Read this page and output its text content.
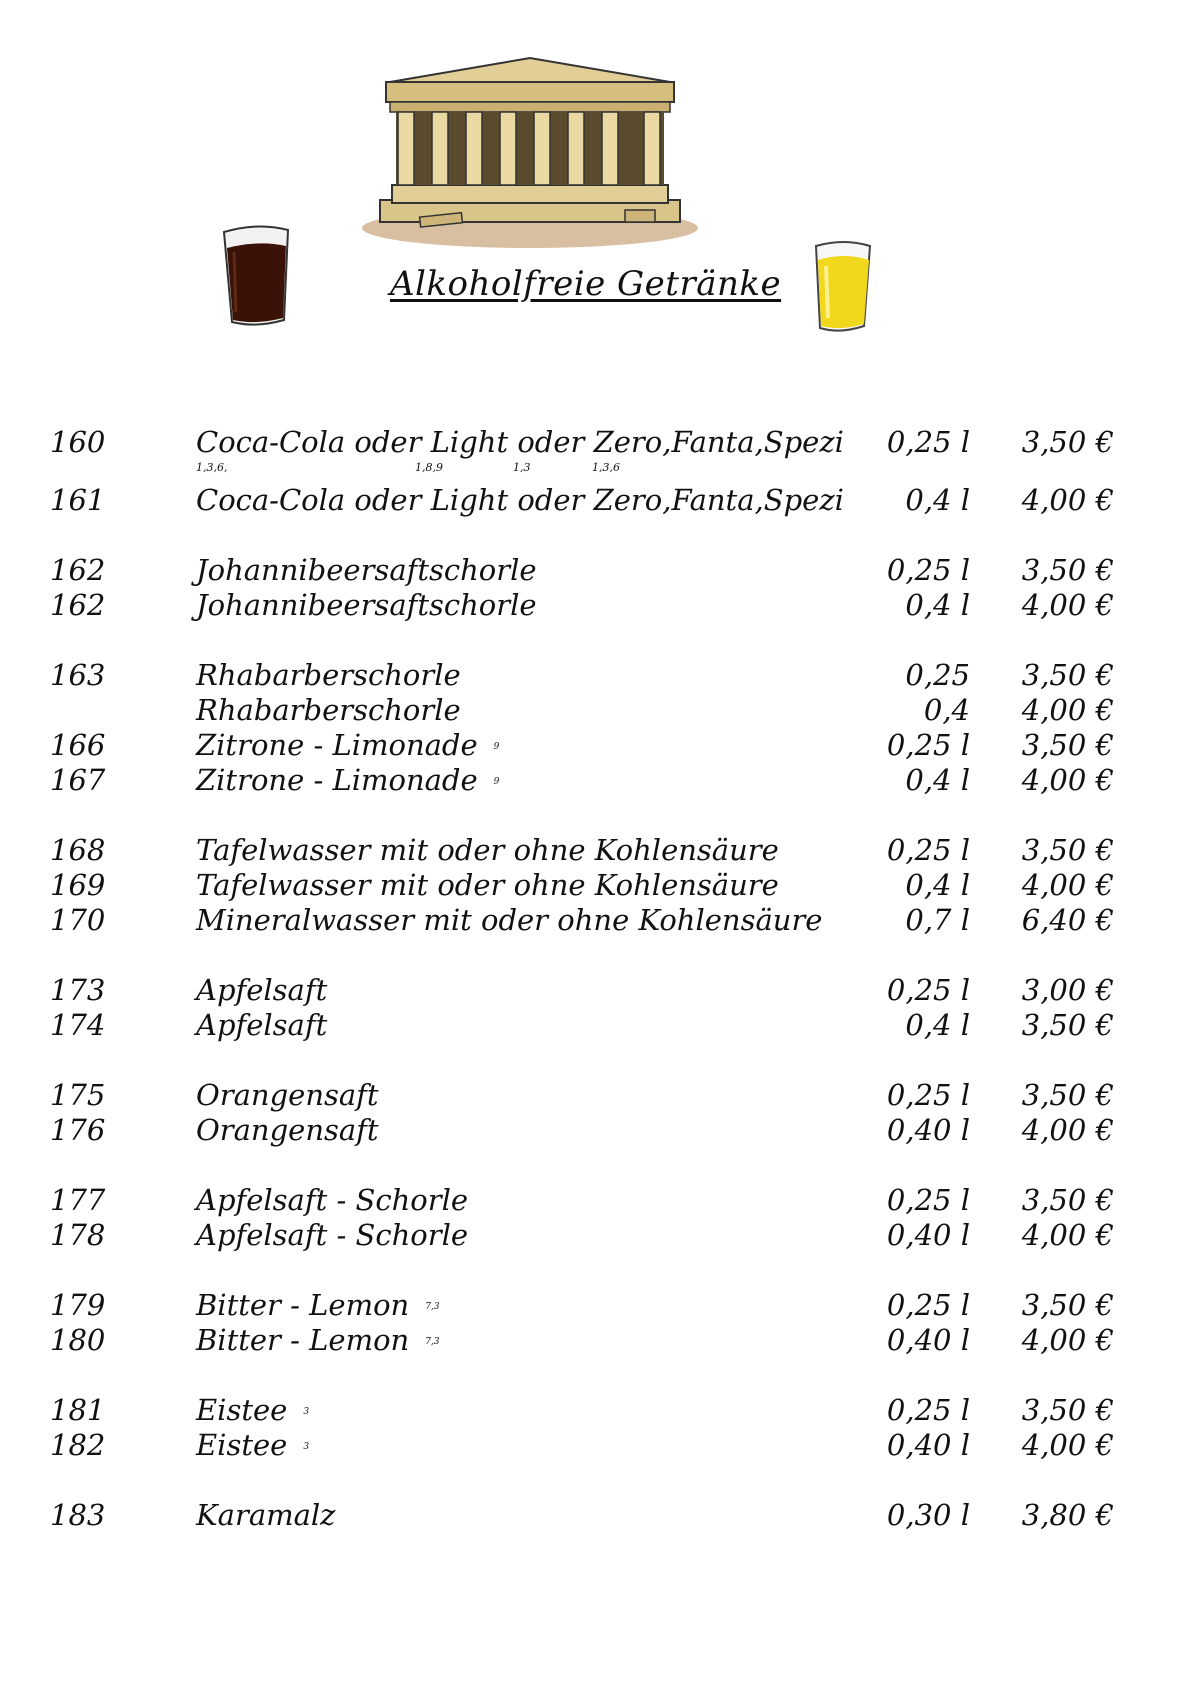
Alkoholfreie Getränke
160	Coca-Cola oder Light oder Zero,Fanta,Spezi 0,25 l 3,50 €
1,3,6,	1,8,9	1,3	1,3,6
161	Coca-Cola oder Light oder Zero,Fanta,Spezi 0,4 l 4,00 €
162	Johannibeersaftschorle	0,25 l 3,50 €
162	Johannibeersaftschorle	0,4 l 4,00 €
163	Rhabarberschorle	0,25 3,50 €
Rhabarberschorle	0,4 4,00 €
166	Zitrone - Limonade 9	0,25 l 3,50 €
167	Zitrone - Limonade 9	0,4 l 4,00 €
168	Tafelwasser mit oder ohne Kohlensäure	0,25 l 3,50 €
169	Tafelwasser mit oder ohne Kohlensäure	0,4 l 4,00 €
170	Mineralwasser mit oder ohne Kohlensäure	0,7 l 6,40 €
173	Apfelsaft	0,25 l 3,00 €
174	Apfelsaft	0,4 l 3,50 €
175	Orangensaft	0,25 l 3,50 €
176	Orangensaft	0,40 l 4,00 €
177	Apfelsaft - Schorle	0,25 l 3,50 €
178	Apfelsaft - Schorle	0,40 l 4,00 €
179	Bitter - Lemon 7,3	0,25 l 3,50 €
180	Bitter - Lemon 7,3	0,40 l 4,00 €
181	Eistee 3	0,25 l 3,50 €
182	Eistee 3	0,40 l 4,00 €
183	Karamalz	0,30 l 3,80 €
